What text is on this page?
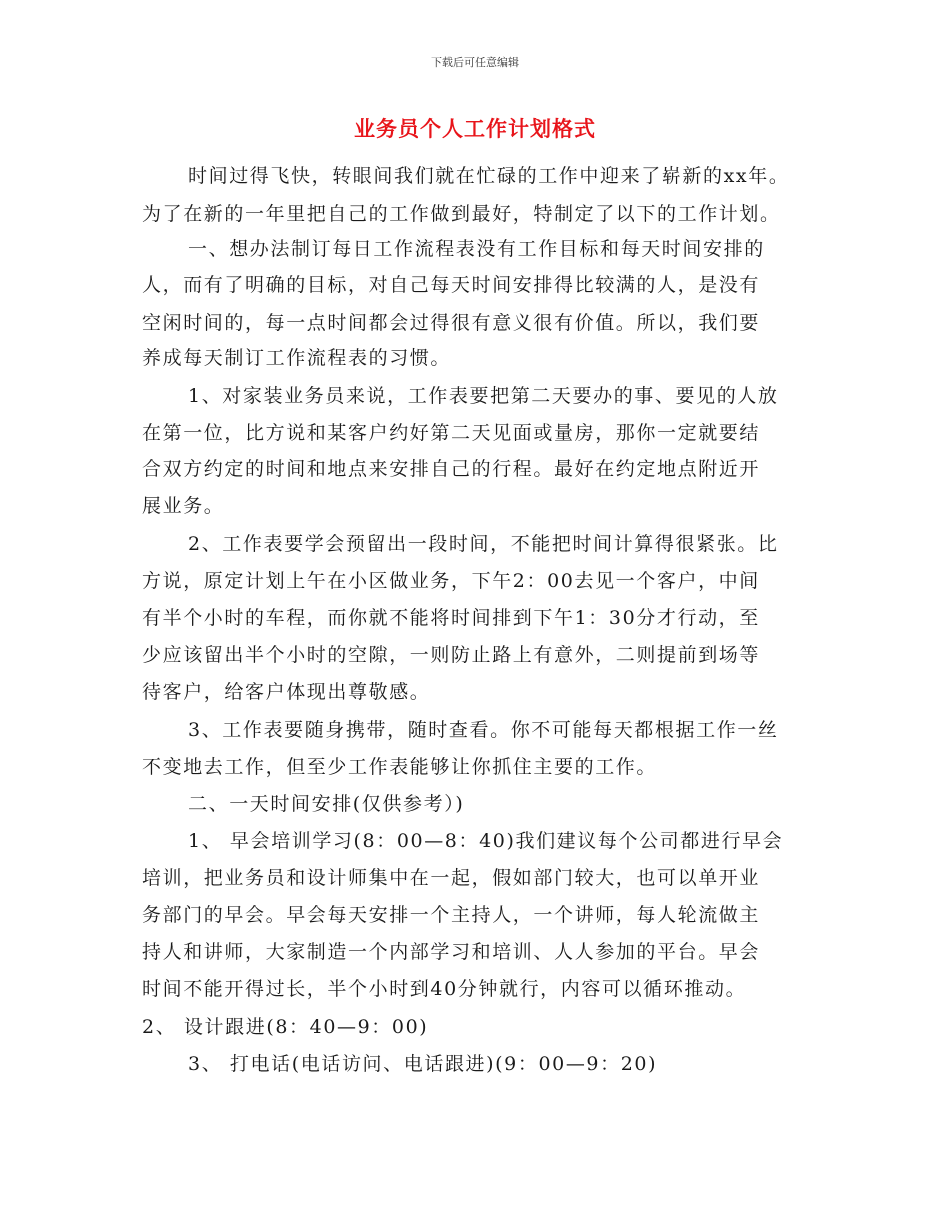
下载后可任意编辑
业务员个人工作计划格式
时间过得飞快，转眼间我们就在忙碌的工作中迎来了崭新的xx年。
为了在新的一年里把自己的工作做到最好，特制定了以下的工作计划。
一、想办法制订每日工作流程表没有工作目标和每天时间安排的
人，而有了明确的目标，对自己每天时间安排得比较满的人，是没有
空闲时间的，每一点时间都会过得很有意义很有价值。所以，我们要
养成每天制订工作流程表的习惯。
1、对家装业务员来说，工作表要把第二天要办的事、要见的人放
在第一位，比方说和某客户约好第二天见面或量房，那你一定就要结
合双方约定的时间和地点来安排自己的行程。最好在约定地点附近开
展业务。
2、工作表要学会预留出一段时间，不能把时间计算得很紧张。比
方说，原定计划上午在小区做业务，下午2：00去见一个客户，中间
有半个小时的车程，而你就不能将时间排到下午1：30分才行动，至
少应该留出半个小时的空隙，一则防止路上有意外，二则提前到场等
待客户，给客户体现出尊敬感。
3、工作表要随身携带，随时查看。你不可能每天都根据工作一丝
不变地去工作，但至少工作表能够让你抓住主要的工作。
二、一天时间安排(仅供参考）)
1、 早会培训学习(8：00—8：40)我们建议每个公司都进行早会
培训，把业务员和设计师集中在一起，假如部门较大，也可以单开业
务部门的早会。早会每天安排一个主持人，一个讲师，每人轮流做主
持人和讲师，大家制造一个内部学习和培训、人人参加的平台。早会
时间不能开得过长，半个小时到40分钟就行，内容可以循环推动。
2、 设计跟进(8：40—9：00)
3、 打电话(电话访问、电话跟进)(9：00—9：20)
